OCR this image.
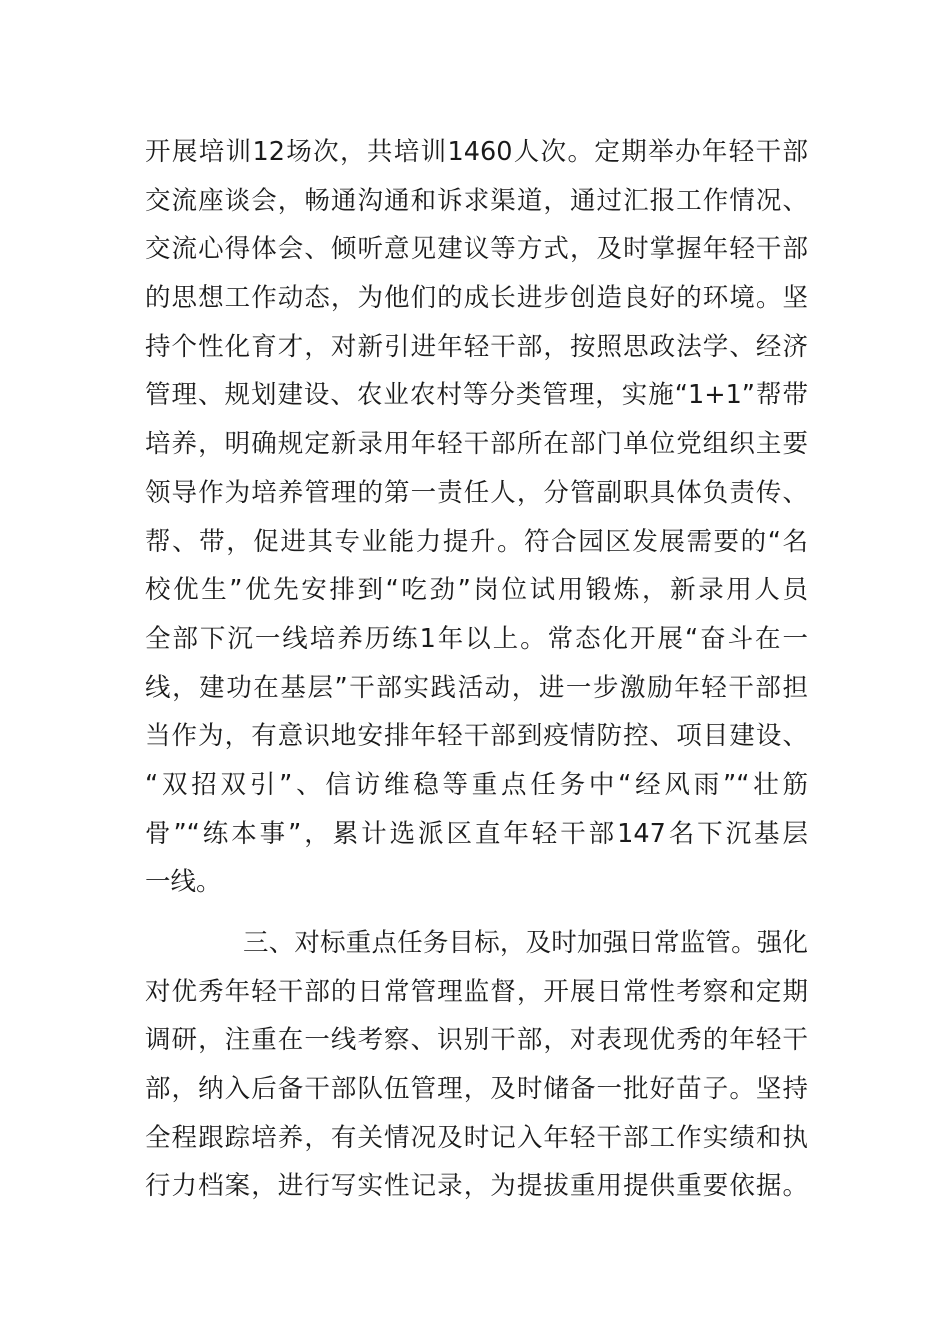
开展培训12场次，共培训1460人次。定期举办年轻干部
交流座谈会，畅通沟通和诉求渠道，通过汇报工作情况、
交流心得体会、倾听意见建议等方式，及时掌握年轻干部
的思想工作动态，为他们的成长进步创造良好的环境。坚
持个性化育才，对新引进年轻干部，按照思政法学、经济
管理、规划建设、农业农村等分类管理，实施“1+1”帮带
培养，明确规定新录用年轻干部所在部门单位党组织主要
领导作为培养管理的第一责任人，分管副职具体负责传、
帮、带，促进其专业能力提升。符合园区发展需要的“名
校优生”优先安排到“吃劲”岗位试用锻炼，新录用人员
全部下沉一线培养历练1年以上。常态化开展“奋斗在一
线，建功在基层”干部实践活动，进一步激励年轻干部担
当作为，有意识地安排年轻干部到疫情防控、项目建设、
“双招双引”、信访维稳等重点任务中“经风雨”“壮筋
骨”“练本事”，累计选派区直年轻干部147名下沉基层
一线。
三、对标重点任务目标，及时加强日常监管。强化
对优秀年轻干部的日常管理监督，开展日常性考察和定期
调研，注重在一线考察、识别干部，对表现优秀的年轻干
部，纳入后备干部队伍管理，及时储备一批好苗子。坚持
全程跟踪培养，有关情况及时记入年轻干部工作实绩和执
行力档案，进行写实性记录，为提拔重用提供重要依据。
